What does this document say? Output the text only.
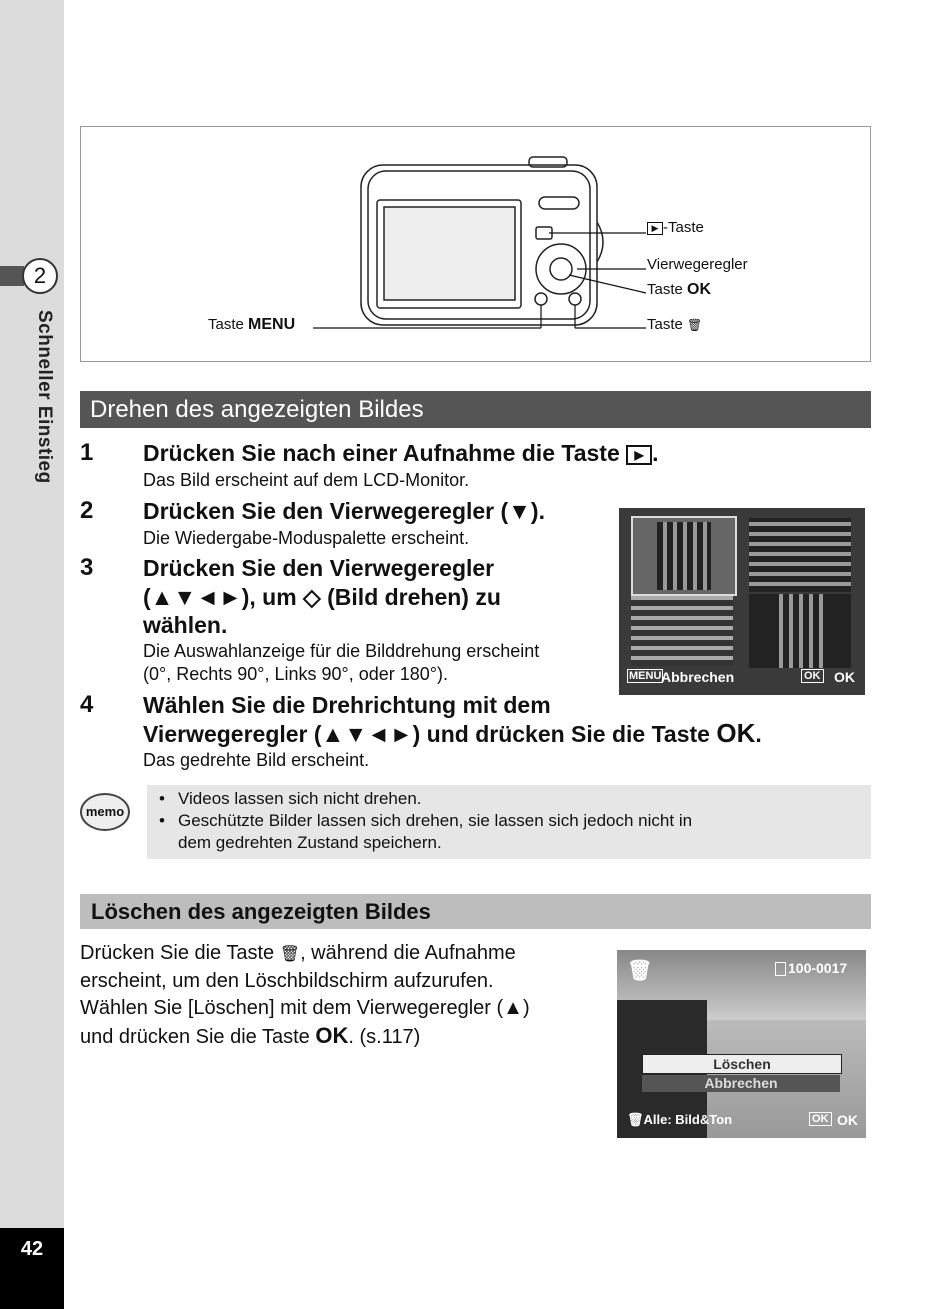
2
Schneller Einstieg
42
▶ -Taste
Vierwegeregler
Taste OK
Taste MENU	Taste 🗑
Drehen des angezeigten Bildes
1 Drücken Sie nach einer Aufnahme die Taste ▶ .
Das Bild erscheint auf dem LCD-Monitor.
2 Drücken Sie den Vierwegeregler (▼).
Die Wiedergabe-Moduspalette erscheint.
3 Drücken Sie den Vierwegeregler
(▲▼◄►), um ◇ (Bild drehen) zu
wählen.
Die Auswahlanzeige für die Bilddrehung erscheint
(0°, Rechts 90°, Links 90°, oder 180°).
4 Wählen Sie die Drehrichtung mit dem
Vierwegeregler (▲▼◄►) und drücken Sie die Taste OK.
Das gedrehte Bild erscheint.
MENU Abbrechen	OK OK
memo
• Videos lassen sich nicht drehen.
• Geschützte Bilder lassen sich drehen, sie lassen sich jedoch nicht in
dem gedrehten Zustand speichern.
Löschen des angezeigten Bildes
Drücken Sie die Taste 🗑, während die Aufnahme
erscheint, um den Löschbildschirm aufzurufen.
Wählen Sie [Löschen] mit dem Vierwegeregler (▲)
und drücken Sie die Taste OK. (s.117)
🗑	100-0017
Löschen
Abbrechen
🗑Alle: Bild&Ton	OK OK
